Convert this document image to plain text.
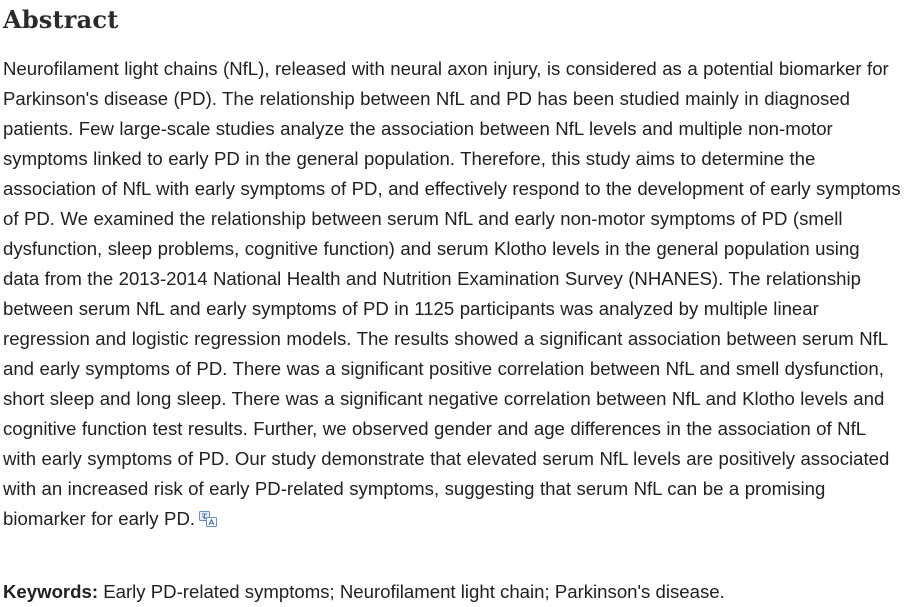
Abstract

Neurofilament light chains (NfL), released with neural axon injury, is considered as a potential biomarker for Parkinson's disease (PD). The relationship between NfL and PD has been studied mainly in diagnosed patients. Few large-scale studies analyze the association between NfL levels and multiple non-motor symptoms linked to early PD in the general population. Therefore, this study aims to determine the association of NfL with early symptoms of PD, and effectively respond to the development of early symptoms of PD. We examined the relationship between serum NfL and early non-motor symptoms of PD (smell dysfunction, sleep problems, cognitive function) and serum Klotho levels in the general population using data from the 2013-2014 National Health and Nutrition Examination Survey (NHANES). The relationship between serum NfL and early symptoms of PD in 1125 participants was analyzed by multiple linear regression and logistic regression models. The results showed a significant association between serum NfL and early symptoms of PD. There was a significant positive correlation between NfL and smell dysfunction, short sleep and long sleep. There was a significant negative correlation between NfL and Klotho levels and cognitive function test results. Further, we observed gender and age differences in the association of NfL with early symptoms of PD. Our study demonstrate that elevated serum NfL levels are positively associated with an increased risk of early PD-related symptoms, suggesting that serum NfL can be a promising biomarker for early PD.

Keywords: Early PD-related symptoms; Neurofilament light chain; Parkinson's disease.
